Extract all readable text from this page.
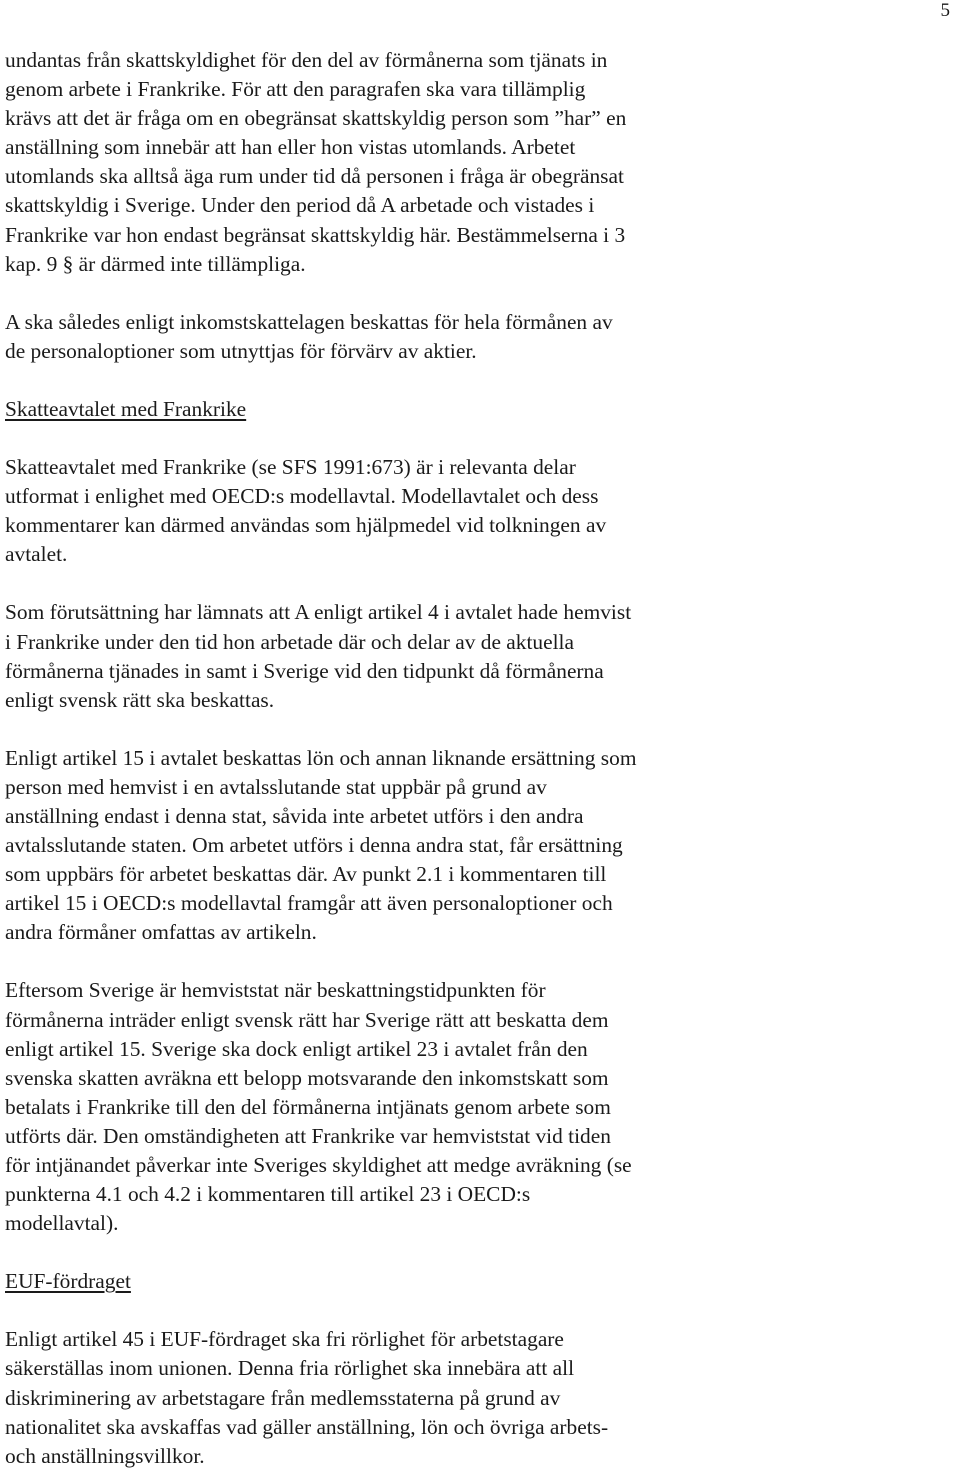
5

undantas från skattskyldighet för den del av förmånerna som tjänats in
genom arbete i Frankrike. För att den paragrafen ska vara tillämplig
krävs att det är fråga om en obegränsat skattskyldig person som ”har” en
anställning som innebär att han eller hon vistas utomlands. Arbetet
utomlands ska alltså äga rum under tid då personen i fråga är obegränsat
skattskyldig i Sverige. Under den period då A arbetade och vistades i
Frankrike var hon endast begränsat skattskyldig här. Bestämmelserna i 3
kap. 9 § är därmed inte tillämpliga.

A ska således enligt inkomstskattelagen beskattas för hela förmånen av
de personaloptioner som utnyttjas för förvärv av aktier.

Skatteavtalet med Frankrike

Skatteavtalet med Frankrike (se SFS 1991:673) är i relevanta delar
utformat i enlighet med OECD:s modellavtal. Modellavtalet och dess
kommentarer kan därmed användas som hjälpmedel vid tolkningen av
avtalet.

Som förutsättning har lämnats att A enligt artikel 4 i avtalet hade hemvist
i Frankrike under den tid hon arbetade där och delar av de aktuella
förmånerna tjänades in samt i Sverige vid den tidpunkt då förmånerna
enligt svensk rätt ska beskattas.

Enligt artikel 15 i avtalet beskattas lön och annan liknande ersättning som
person med hemvist i en avtalsslutande stat uppbär på grund av
anställning endast i denna stat, såvida inte arbetet utförs i den andra
avtalsslutande staten. Om arbetet utförs i denna andra stat, får ersättning
som uppbärs för arbetet beskattas där. Av punkt 2.1 i kommentaren till
artikel 15 i OECD:s modellavtal framgår att även personaloptioner och
andra förmåner omfattas av artikeln.

Eftersom Sverige är hemviststat när beskattningstidpunkten för
förmånerna inträder enligt svensk rätt har Sverige rätt att beskatta dem
enligt artikel 15. Sverige ska dock enligt artikel 23 i avtalet från den
svenska skatten avräkna ett belopp motsvarande den inkomstskatt som
betalats i Frankrike till den del förmånerna intjänats genom arbete som
utförts där. Den omständigheten att Frankrike var hemviststat vid tiden
för intjänandet påverkar inte Sveriges skyldighet att medge avräkning (se
punkterna 4.1 och 4.2 i kommentaren till artikel 23 i OECD:s
modellavtal).

EUF-fördraget

Enligt artikel 45 i EUF-fördraget ska fri rörlighet för arbetstagare
säkerställas inom unionen. Denna fria rörlighet ska innebära att all
diskriminering av arbetstagare från medlemsstaterna på grund av
nationalitet ska avskaffas vad gäller anställning, lön och övriga arbets-
och anställningsvillkor.
